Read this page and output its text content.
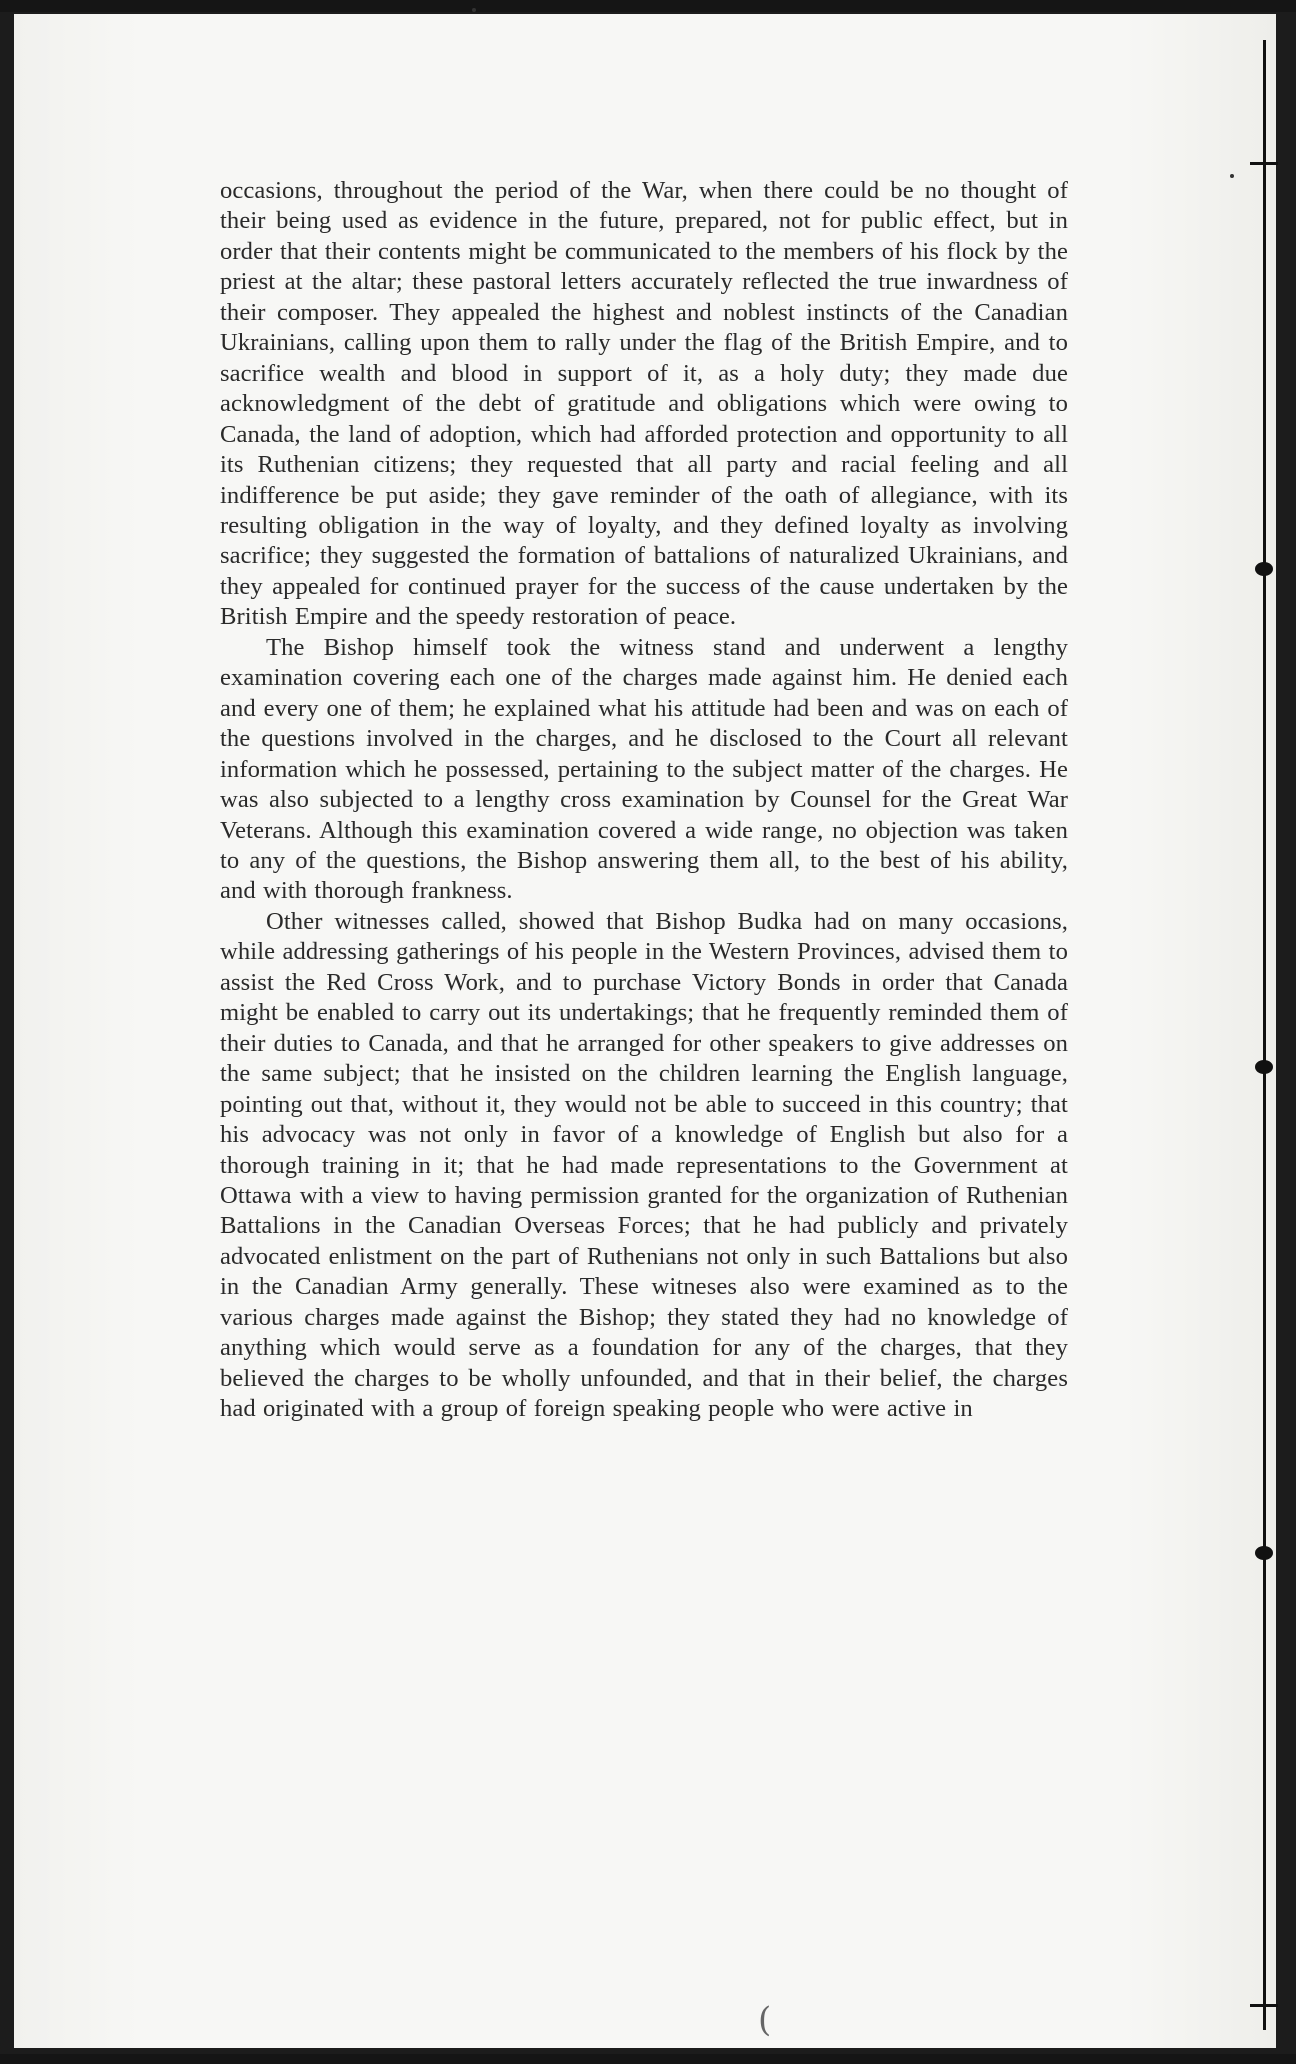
occasions, throughout the period of the War, when there could be no thought of their being used as evidence in the future, prepared, not for public effect, but in order that their contents might be communicated to the members of his flock by the priest at the altar; these pastoral letters accurately reflected the true inwardness of their composer. They appealed the highest and noblest instincts of the Canadian Ukrainians, calling upon them to rally under the flag of the British Empire, and to sacrifice wealth and blood in support of it, as a holy duty; they made due acknowledgment of the debt of gratitude and obligations which were owing to Canada, the land of adoption, which had afforded protection and opportunity to all its Ruthenian citizens; they requested that all party and racial feeling and all indifference be put aside; they gave reminder of the oath of allegiance, with its resulting obligation in the way of loyalty, and they defined loyalty as involving sacrifice; they suggested the formation of battalions of naturalized Ukrainians, and they appealed for continued prayer for the success of the cause undertaken by the British Empire and the speedy restoration of peace.

The Bishop himself took the witness stand and underwent a lengthy examination covering each one of the charges made against him. He denied each and every one of them; he explained what his attitude had been and was on each of the questions involved in the charges, and he disclosed to the Court all relevant information which he possessed, pertaining to the subject matter of the charges. He was also subjected to a lengthy cross examination by Counsel for the Great War Veterans. Although this examination covered a wide range, no objection was taken to any of the questions, the Bishop answering them all, to the best of his ability, and with thorough frankness.

Other witnesses called, showed that Bishop Budka had on many occasions, while addressing gatherings of his people in the Western Provinces, advised them to assist the Red Cross Work, and to purchase Victory Bonds in order that Canada might be enabled to carry out its undertakings; that he frequently reminded them of their duties to Canada, and that he arranged for other speakers to give addresses on the same subject; that he insisted on the children learning the English language, pointing out that, without it, they would not be able to succeed in this country; that his advocacy was not only in favor of a knowledge of English but also for a thorough training in it; that he had made representations to the Government at Ottawa with a view to having permission granted for the organization of Ruthenian Battalions in the Canadian Overseas Forces; that he had publicly and privately advocated enlistment on the part of Ruthenians not only in such Battalions but also in the Canadian Army generally. These witneses also were examined as to the various charges made against the Bishop; they stated they had no knowledge of anything which would serve as a foundation for any of the charges, that they believed the charges to be wholly unfounded, and that in their belief, the charges had originated with a group of foreign speaking people who were active in

(
